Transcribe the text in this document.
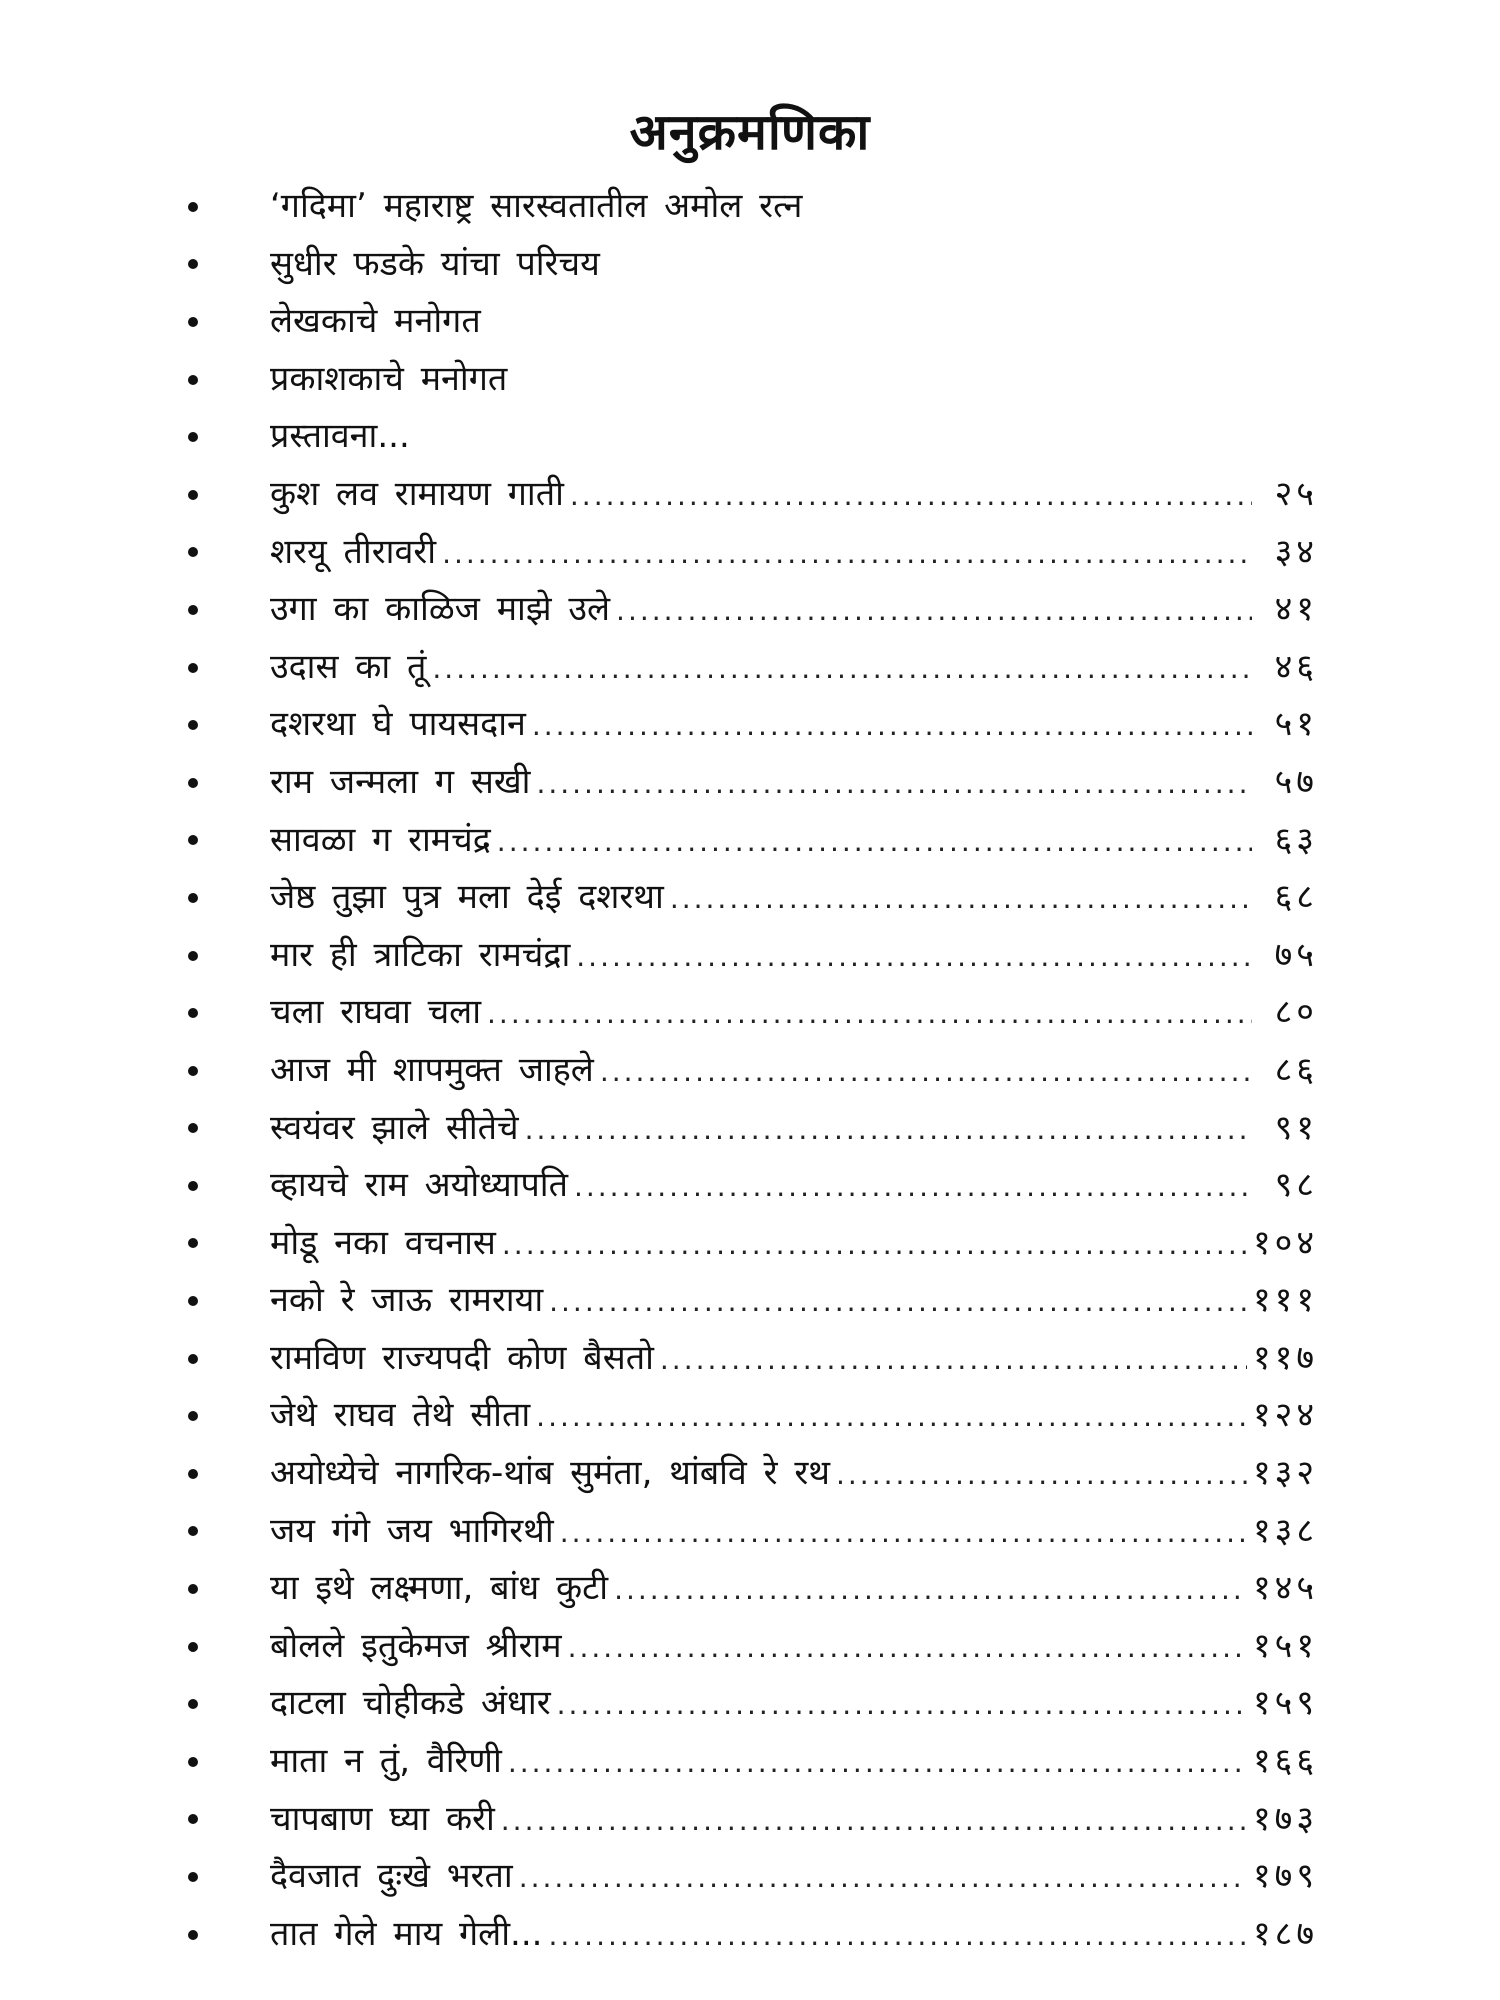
अनुक्रमणिका
‘गदिमा’ महाराष्ट्र सारस्वतातील अमोल रत्न
सुधीर फडके यांचा परिचय
लेखकाचे मनोगत
प्रकाशकाचे मनोगत
प्रस्तावना...
कुश लव रामायण गाती .....	२५
शरयू तीरावरी .....	३४
उगा का काळिज माझे उले .....	४१
उदास का तूं .....	४६
दशरथा घे पायसदान .....	५१
राम जन्मला ग सखी .....	५७
सावळा ग रामचंद्र .....	६३
जेष्ठ तुझा पुत्र मला देई दशरथा .....	६८
मार ही त्राटिका रामचंद्रा .....	७५
चला राघवा चला .....	८०
आज मी शापमुक्त जाहले .....	८६
स्वयंवर झाले सीतेचे .....	९१
व्हायचे राम अयोध्यापति .....	९८
मोडू नका वचनास .....	१०४
नको रे जाऊ रामराया .....	१११
रामविण राज्यपदी कोण बैसतो .....	११७
जेथे राघव तेथे सीता .....	१२४
अयोध्येचे नागरिक-थांब सुमंता, थांबवि रे रथ .....	१३२
जय गंगे जय भागिरथी .....	१३८
या इथे लक्ष्मणा, बांध कुटी .....	१४५
बोलले इतुकेमज श्रीराम .....	१५१
दाटला चोहीकडे अंधार .....	१५९
माता न तुं, वैरिणी .....	१६६
चापबाण घ्या करी .....	१७३
दैवजात दुःखे भरता .....	१७९
तात गेले माय गेली... .....	१८७
